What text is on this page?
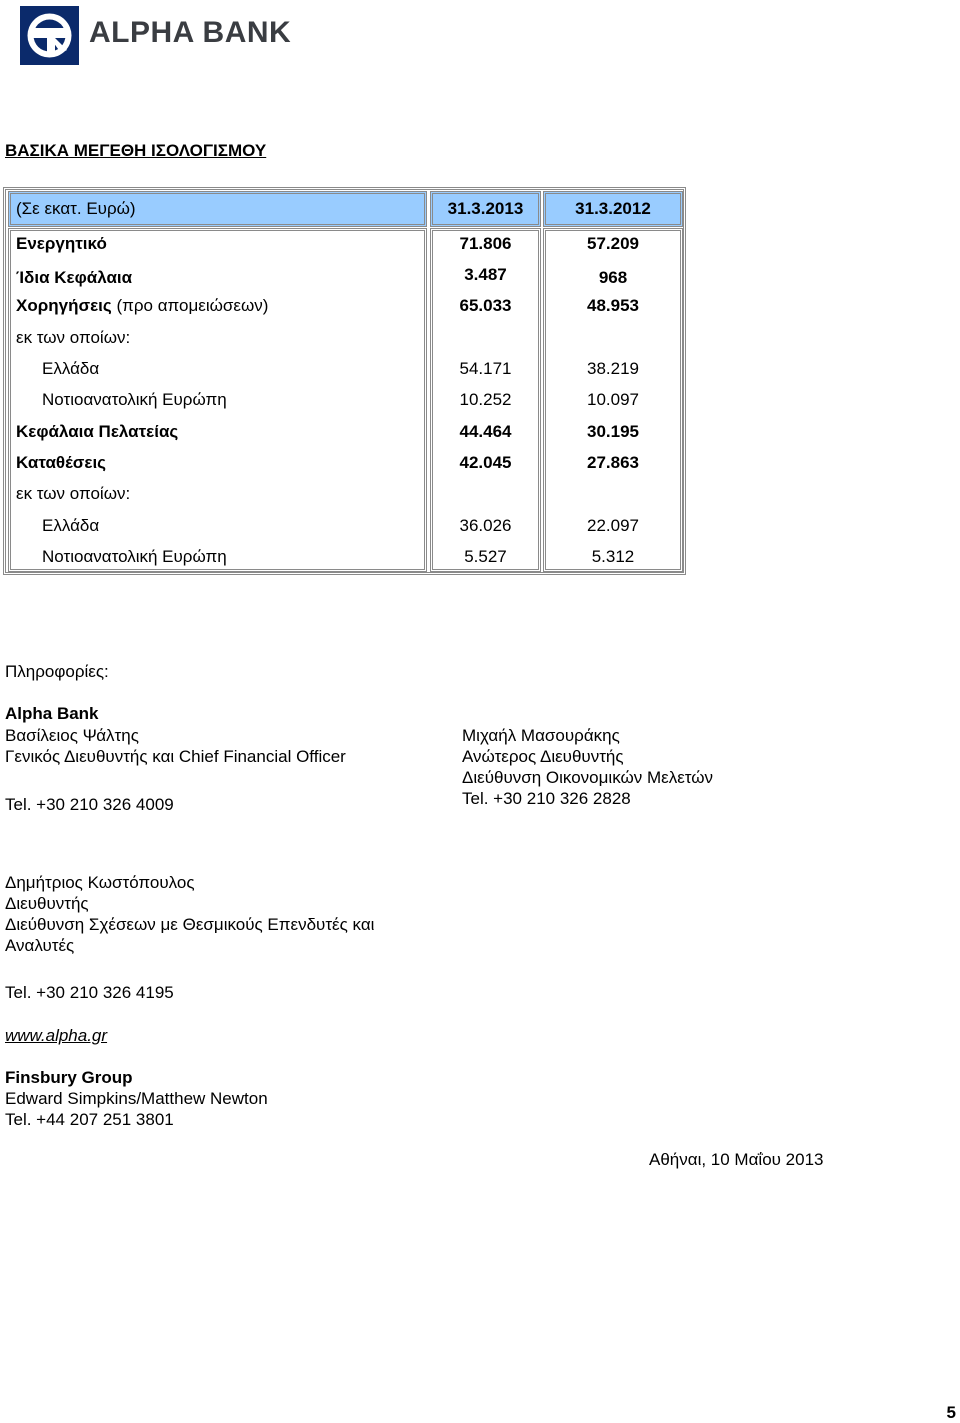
ALPHA BANK
ΒΑΣΙΚΑ ΜΕΓΕΘΗ ΙΣΟΛΟΓΙΣΜΟΥ
(Σε εκατ. Ευρώ)	31.3.2013	31.3.2012
Ενεργητικό	71.806	57.209
Ίδια Κεφάλαια	3.487	968
Χορηγήσεις (προ απομειώσεων)	65.033	48.953
εκ των οποίων:
Ελλάδα	54.171	38.219
Νοτιοανατολική Ευρώπη	10.252	10.097
Κεφάλαια Πελατείας	44.464	30.195
Καταθέσεις	42.045	27.863
εκ των οποίων:
Ελλάδα	36.026	22.097
Νοτιοανατολική Ευρώπη	5.527	5.312
Πληροφορίες:
Alpha Bank
Βασίλειος Ψάλτης
Γενικός Διευθυντής και Chief Financial Officer
Tel. +30 210 326 4009
Μιχαήλ Μασουράκης
Ανώτερος Διευθυντής
Διεύθυνση Οικονομικών Μελετών
Tel. +30 210 326 2828
Δημήτριος Κωστόπουλος
Διευθυντής
Διεύθυνση Σχέσεων με Θεσμικούς Επενδυτές και
Αναλυτές
Tel. +30 210 326 4195
www.alpha.gr
Finsbury Group
Edward Simpkins/Matthew Newton
Tel. +44 207 251 3801
Αθήναι, 10 Μαΐου 2013
5
